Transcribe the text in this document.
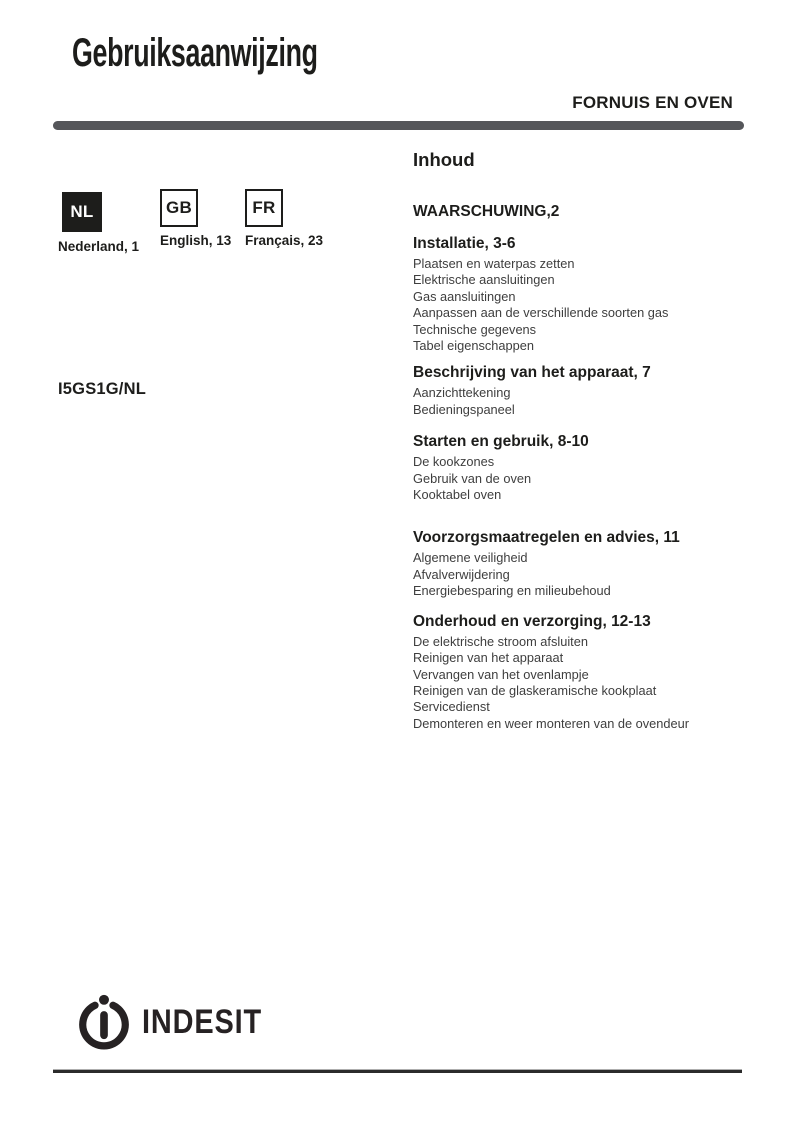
Gebruiksaanwijzing
FORNUIS EN OVEN
NL
Nederland, 1
GB
English, 13
FR
Français, 23
I5GS1G/NL
Inhoud
WAARSCHUWING,2
Installatie, 3-6
Plaatsen en waterpas zetten
Elektrische aansluitingen
Gas aansluitingen
Aanpassen aan de verschillende soorten gas
Technische gegevens
Tabel eigenschappen
Beschrijving van het apparaat, 7
Aanzichttekening
Bedieningspaneel
Starten en gebruik, 8-10
De kookzones
Gebruik van de oven
Kooktabel oven
Voorzorgsmaatregelen en advies, 11
Algemene veiligheid
Afvalverwijdering
Energiebesparing en milieubehoud
Onderhoud en verzorging, 12-13
De elektrische stroom afsluiten
Reinigen van het apparaat
Vervangen van het ovenlampje
Reinigen van de glaskeramische kookplaat
Servicedienst
Demonteren en weer monteren van de ovendeur
INDESIT
